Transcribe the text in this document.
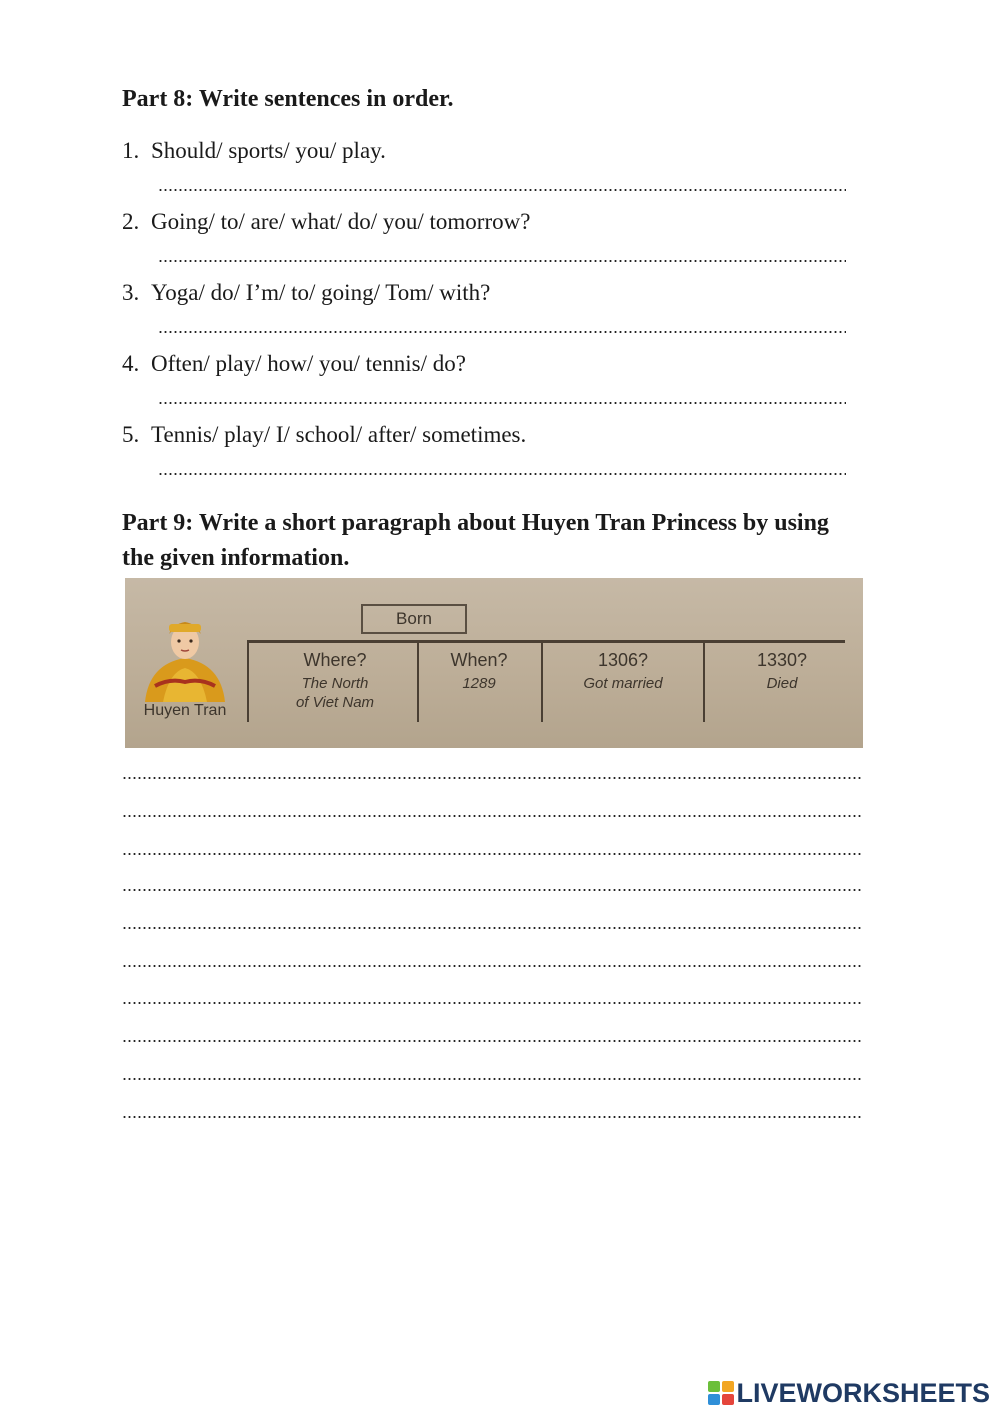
Part 8: Write sentences in order.
1. Should/ sports/ you/ play.
2. Going/ to/ are/ what/ do/ you/ tomorrow?
3. Yoga/ do/ I’m/ to/ going/ Tom/ with?
4. Often/ play/ how/ you/ tennis/ do?
5. Tennis/ play/ I/ school/ after/ sometimes.
Part 9: Write a short paragraph about Huyen Tran Princess by using the given information.
Huyen Tran
Born
Where?
The North
of Viet Nam
When?
1289
1306?
Got married
1330?
Died
LIVEWORKSHEETS
